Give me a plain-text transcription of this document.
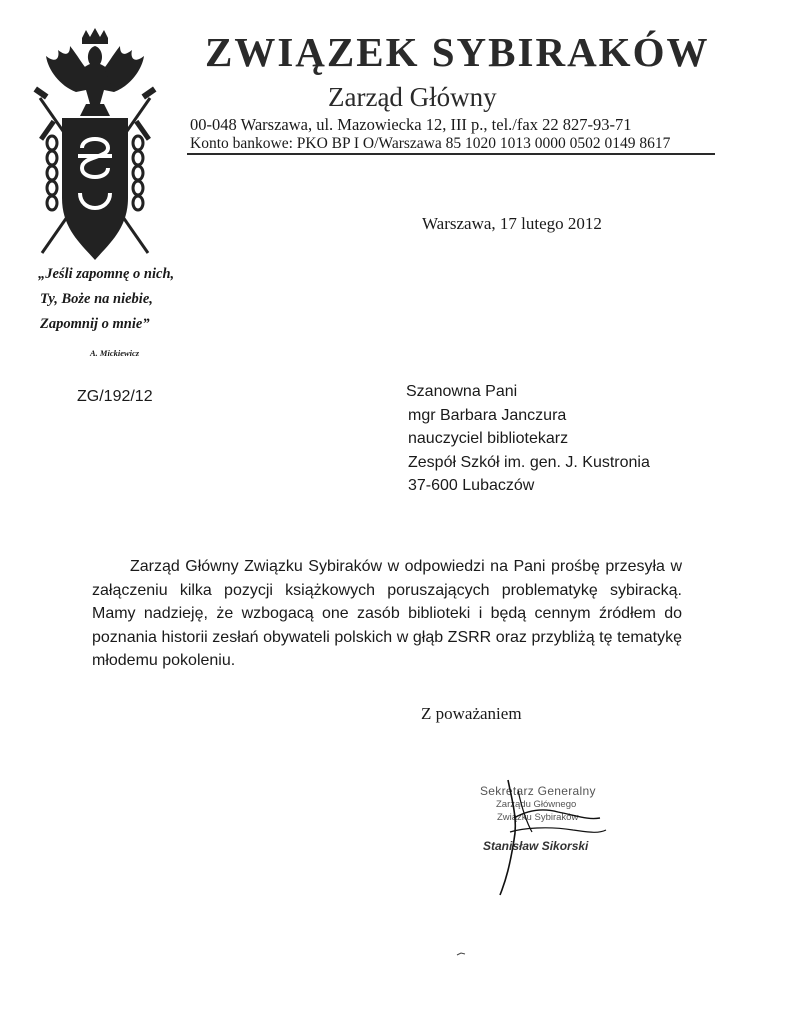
ZWIĄZEK SYBIRAKÓW
Zarząd Główny
00-048 Warszawa, ul. Mazowiecka 12, III p., tel./fax 22 827-93-71
Konto bankowe: PKO BP I O/Warszawa 85 1020 1013 0000 0502 0149 8617
„Jeśli zapomnę o nich,
Ty, Boże na niebie,
Zapomnij o mnie”
A. Mickiewicz
Warszawa, 17 lutego 2012
ZG/192/12	Szanowna Pani
mgr Barbara Janczura
nauczyciel bibliotekarz
Zespół Szkół im. gen. J. Kustronia
37-600 Lubaczów
Zarząd Główny Związku Sybiraków w odpowiedzi na Pani prośbę przesyła w załączeniu kilka pozycji książkowych poruszających problematykę sybiracką. Mamy nadzieję, że wzbogacą one zasób biblioteki i będą cennym źródłem do poznania historii zesłań obywateli polskich w głąb ZSRR oraz przybliżą tę tematykę młodemu pokoleniu.
Z poważaniem
Sekretarz Generalny
Zarządu Głównego
Związku Sybiraków
Stanisław Sikorski
